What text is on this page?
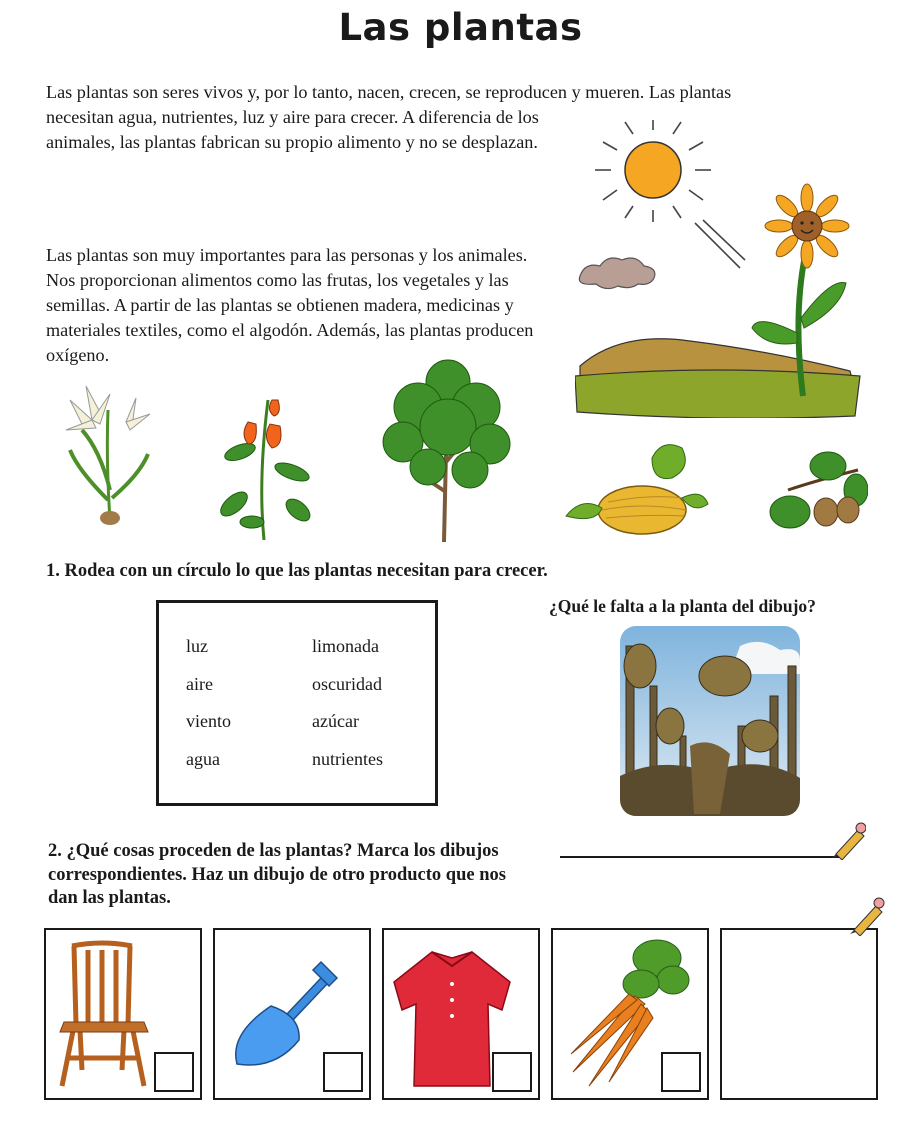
Las plantas
Las plantas son seres vivos y, por lo tanto, nacen, crecen, se reproducen y mueren. Las plantas
necesitan agua, nutrientes, luz y aire para crecer. A diferencia de los animales, las plantas fabrican su propio alimento y no se desplazan.
Las plantas son muy importantes para las personas y los animales. Nos proporcionan alimentos como las frutas, los vegetales y las semillas. A partir de las plantas se obtienen madera, medicinas y materiales textiles, como el algodón. Además, las plantas producen oxígeno.
1. Rodea con un círculo lo que las plantas necesitan para crecer.
¿Qué le falta a la planta del dibujo?
luz	limonada
aire	oscuridad
viento	azúcar
agua	nutrientes
2. ¿Qué cosas proceden de las plantas? Marca los dibujos correspondientes. Haz un dibujo de otro producto que nos dan las plantas.
